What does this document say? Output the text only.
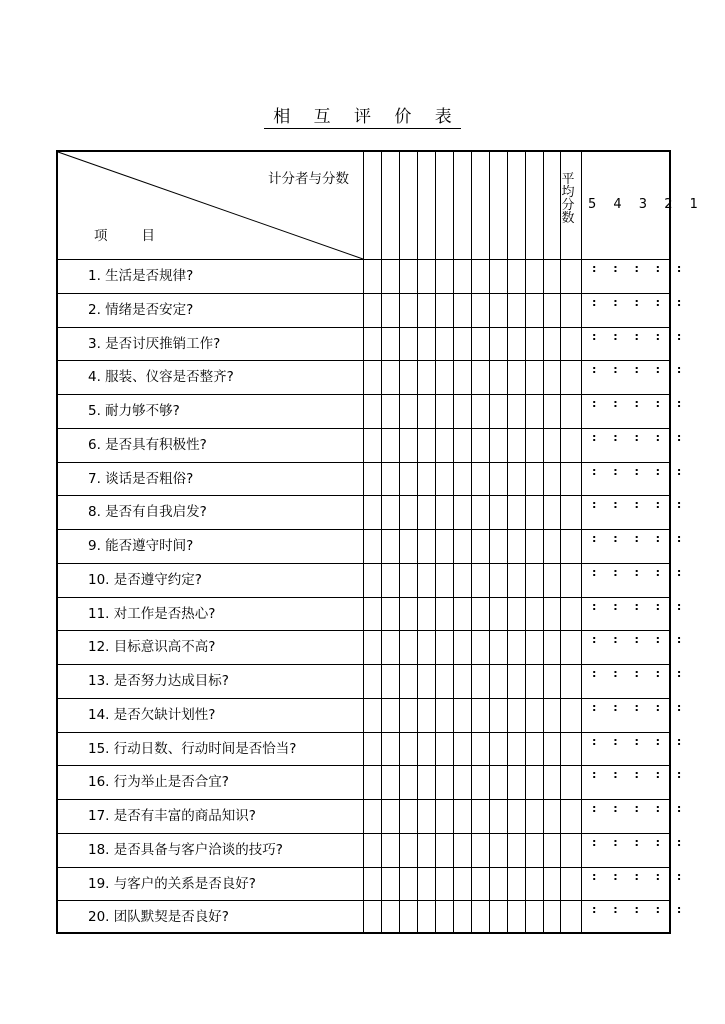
相 互 评 价 表
计分者与分数
项	目
平均分数
5 4 3 2 1
1. 生活是否规律?	: : : : :
2. 情绪是否安定?	: : : : :
3. 是否讨厌推销工作?	: : : : :
4. 服装、仪容是否整齐?	: : : : :
5. 耐力够不够?	: : : : :
6. 是否具有积极性?	: : : : :
7. 谈话是否粗俗?	: : : : :
8. 是否有自我启发?	: : : : :
9. 能否遵守时间?	: : : : :
10. 是否遵守约定?	: : : : :
11. 对工作是否热心?	: : : : :
12. 目标意识高不高?	: : : : :
13. 是否努力达成目标?	: : : : :
14. 是否欠缺计划性?	: : : : :
15. 行动日数、行动时间是否恰当?	: : : : :
16. 行为举止是否合宜?	: : : : :
17. 是否有丰富的商品知识?	: : : : :
18. 是否具备与客户洽谈的技巧?	: : : : :
19. 与客户的关系是否良好?	: : : : :
20. 团队默契是否良好?	: : : : :
